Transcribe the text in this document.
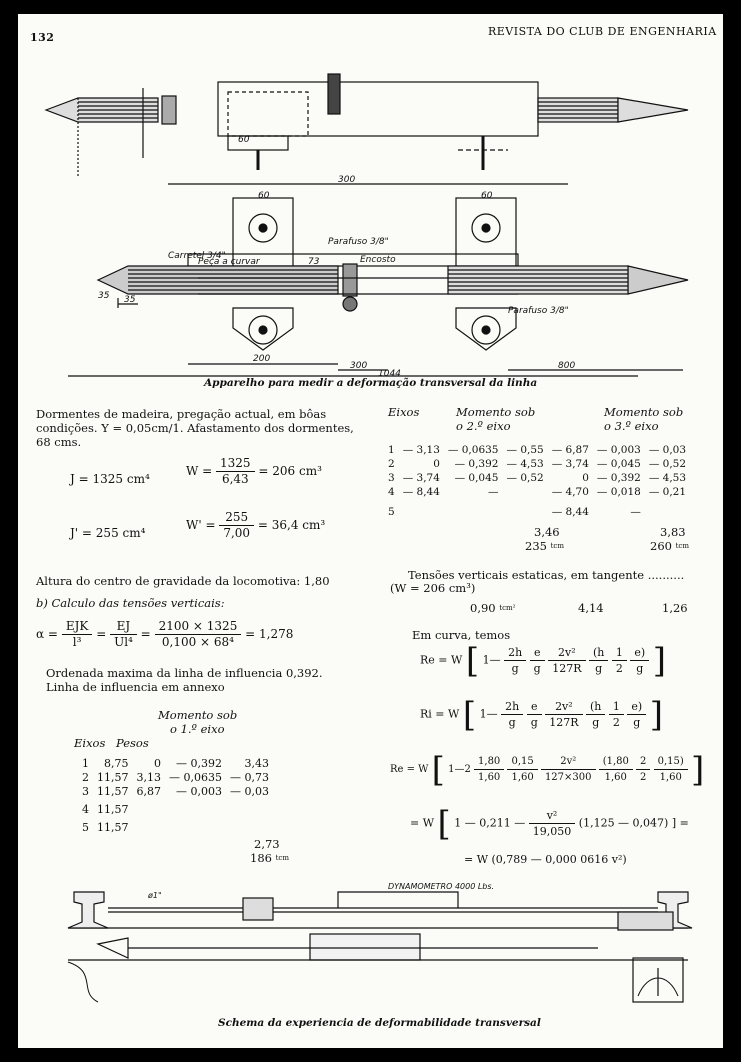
132	REVISTA DO CLUB DE ENGENHARIA
300
200
800
300
1044
35
73
60	60
60
35
Carretel 3/4"
Parafuso 3/8"
Parafuso 3/8"
Encosto
Peça a curvar
Apparelho para medir a deformação transversal da linha
Dormentes de madeira, pregação actual, em bôas
condições. Y = 0,05cm/1. Afastamento dos dormentes,
68 cms.
J = 1325 cm⁴
$W = \frac{1325}{6,43} = 206$ cm³
J' = 255 cm⁴
$W' = \frac{255}{7,00} = 36,4$ cm³
Altura do centro de gravidade da locomotiva: 1,80
b) Calculo das tensões verticais:
$\alpha = \frac{\text{EJK}}{\text{l³}} = \frac{EJ}{\text{Ul⁴}} = \frac{2100 \times 1325}{\text{0,100 × 68⁴}} = 1,278$
Ordenada maxima da linha de influencia 0,392.
Linha de influencia em annexo
Momento sob
o 1.º eixo
Eixos Pesos
1	8,75	0	— 0,392	3,43
2	11,57	3,13	— 0,0635	— 0,73
3	11,57	6,87	— 0,003	— 0,03
4	11,57			
5	11,57			
2,73
186 $^{tcm}$
Eixos	Momento sob
o 2.º eixo
Momento sob
o 3.º eixo
1	— 3,13	— 0,0635	— 0,55	— 6,87	— 0,003	— 0,03
2	0	— 0,392	— 4,53	— 3,74	— 0,045	— 0,52
3	— 3,74	— 0,045	— 0,52	0	— 0,392	— 4,53
4	— 8,44	—		— 4,70	— 0,018	— 0,21
5				— 8,44	—	
3,46
235 $^{tcm}$
3,83
260 $^{tcm}$
Tensões verticais estaticas, em tangente ..........
(W = 206 cm³)
0,90 $^{tcm^2}$	4,14	1,26
Em curva, temos
Re = W [ 1— $\frac{2h}{g}$
$\frac{e}{g}$
$\frac{\text{2v²}}{127R}$
$\frac{(h}{g}$
$\frac{1}{2}$
$\frac{e)}{g}$ ]
Ri = W [ 1— $\frac{2h}{g}$
$\frac{e}{g}$
$\frac{\text{2v²}}{127R}$
$\frac{(h}{g}$
$\frac{1}{2}$
$\frac{e)}{g}$ ]
Re = W [ 1—2 $\frac{1,80}{1,60}$
$\frac{0,15}{1,60}$
$\frac{\text{2v²}}{127\times 300}$
$\frac{(1,80}{1,60}$
$\frac{2}{2}$
$\frac{0,15)}{1,60}$ ]
= W [ 1 — 0,211 — $\frac{\text{v²}}{19,050} (1,125$ — 0,047) ] =
= W (0,789 — 0,000 0616 v²)
DYNAMOMETRO 4000 Lbs.
ø1"
Schema da experiencia de deformabilidade transversal
